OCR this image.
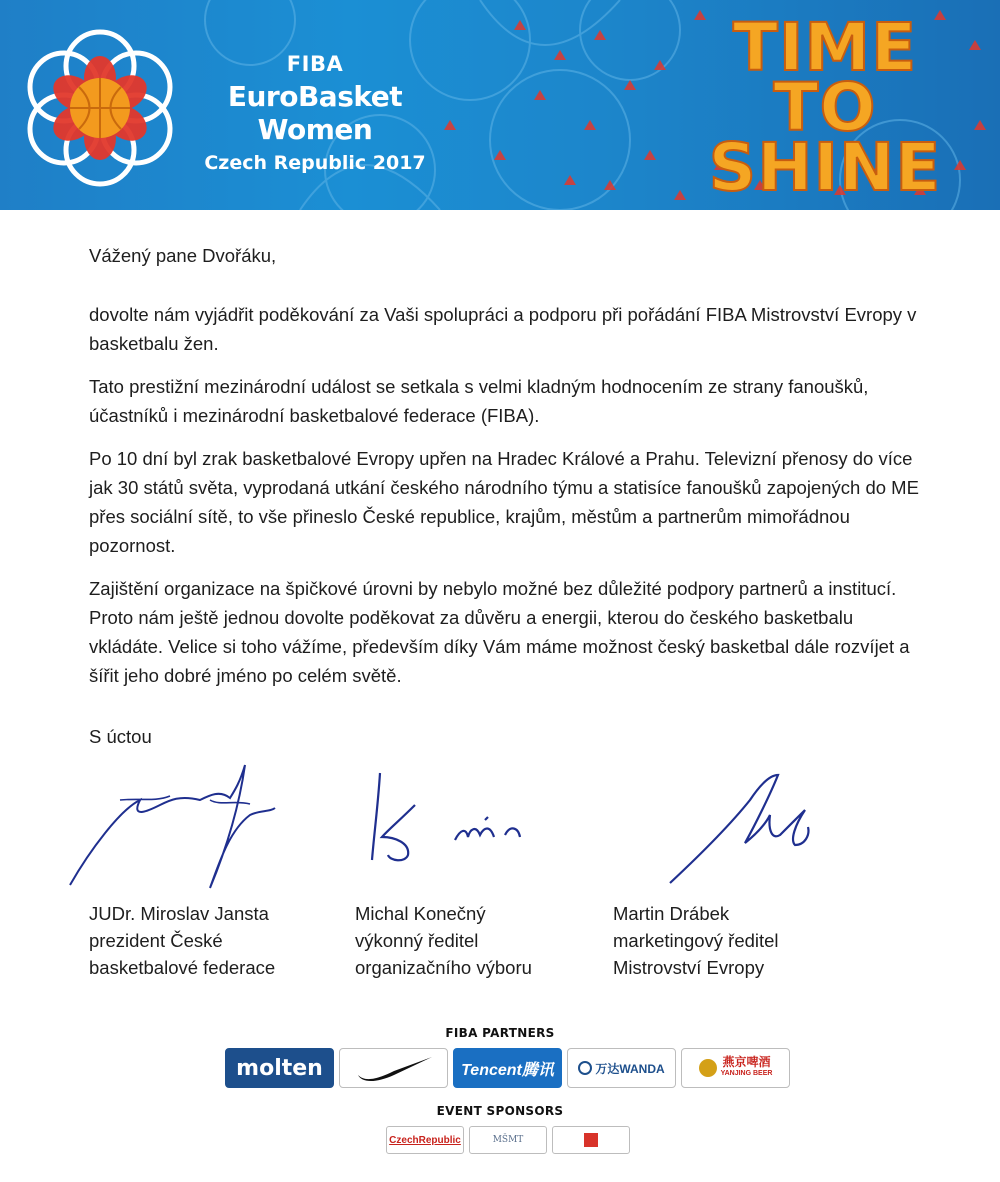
FIBA
EuroBasket Women
Czech Republic 2017
TIME TO
SHINE

Vážený pane Dvořáku,

dovolte nám vyjádřit poděkování za Vaši spolupráci a podporu při pořádání FIBA Mistrovství Evropy v basketbalu žen.

Tato prestižní mezinárodní událost se setkala s velmi kladným hodnocením ze strany fanoušků, účastníků i mezinárodní basketbalové federace (FIBA).

Po 10 dní byl zrak basketbalové Evropy upřen na Hradec Králové a Prahu. Televizní přenosy do více jak 30 států světa, vyprodaná utkání českého národního týmu a statisíce fanoušků zapojených do ME přes sociální sítě, to vše přineslo České republice, krajům, městům a partnerům mimořádnou pozornost.

Zajištění organizace na špičkové úrovni by nebylo možné bez důležité podpory partnerů a institucí. Proto nám ještě jednou dovolte poděkovat za důvěru a energii, kterou do českého basketbalu vkládáte. Velice si toho vážíme, především díky Vám máme možnost český basketbal dále rozvíjet a šířit jeho dobré jméno po celém světě.

S úctou

JUDr. Miroslav Jansta
prezident České
basketbalové federace
Michal Konečný
výkonný ředitel
organizačního výboru
Martin Drábek
marketingový ředitel
Mistrovství Evropy
FIBA PARTNERS
molten	Tencent腾讯	万达WANDA	燕京啤酒
YANJING BEER
EVENT SPONSORS
CzechRepublic	MŠMT
